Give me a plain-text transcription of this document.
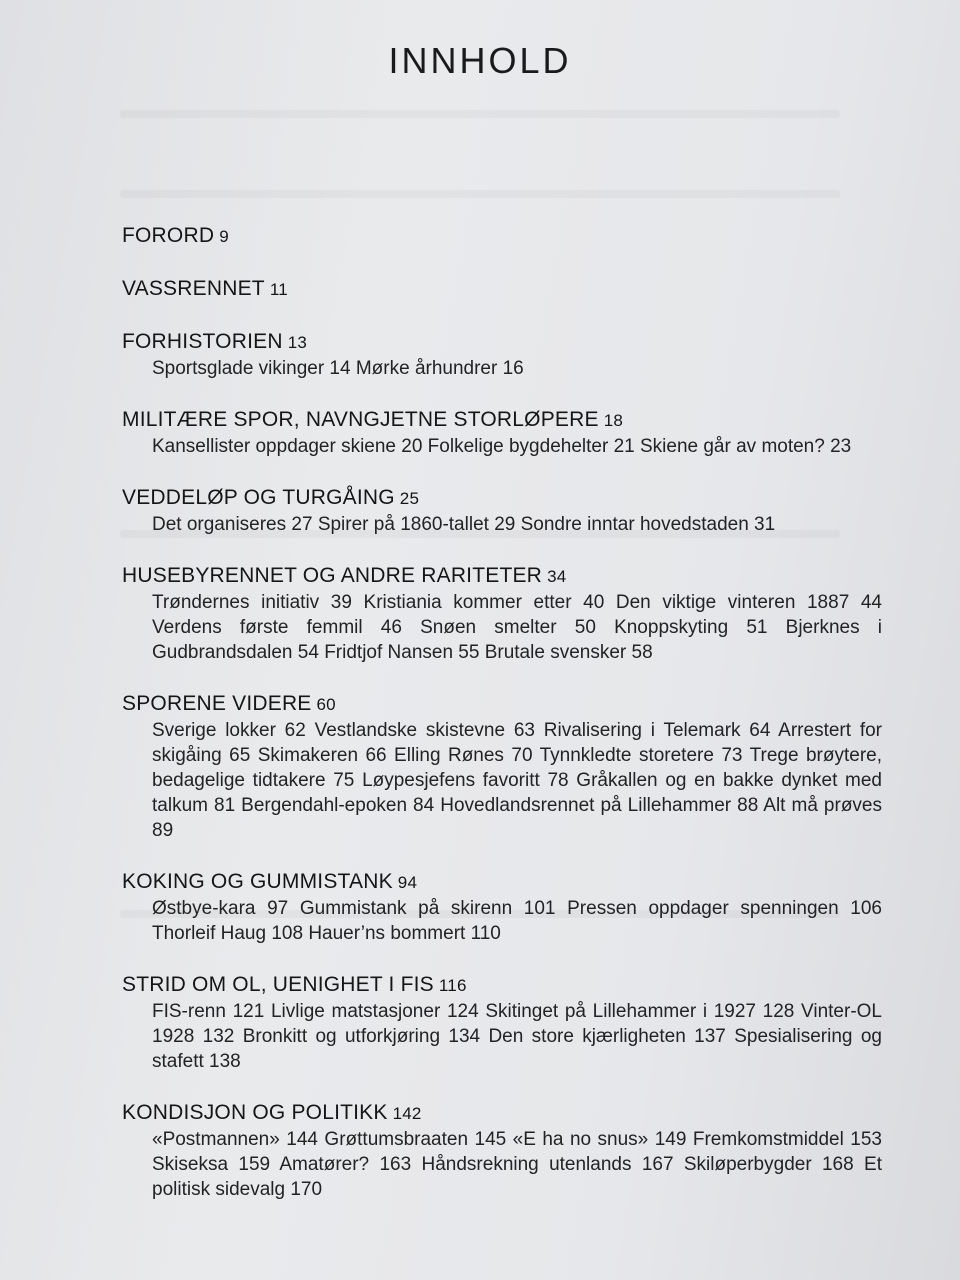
INNHOLD
FORORD 9
VASSRENNET 11
FORHISTORIEN 13
Sportsglade vikinger 14 Mørke århundrer 16
MILITÆRE SPOR, NAVNGJETNE STORLØPERE 18
Kansellister oppdager skiene 20 Folkelige bygdehelter 21 Skiene går av moten? 23
VEDDELØP OG TURGÅING 25
Det organiseres 27 Spirer på 1860-tallet 29 Sondre inntar hovedstaden 31
HUSEBYRENNET OG ANDRE RARITETER 34
Trøndernes initiativ 39 Kristiania kommer etter 40 Den viktige vinteren 1887 44 Verdens første femmil 46 Snøen smelter 50 Knoppskyting 51 Bjerknes i Gudbrandsdalen 54 Fridtjof Nansen 55 Brutale svensker 58
SPORENE VIDERE 60
Sverige lokker 62 Vestlandske skistevne 63 Rivalisering i Telemark 64 Arrestert for skigåing 65 Skimakeren 66 Elling Rønes 70 Tynnkledte storetere 73 Trege brøytere, bedagelige tidtakere 75 Løypesjefens favoritt 78 Gråkallen og en bakke dynket med talkum 81 Bergendahl-epoken 84 Hovedlandsrennet på Lillehammer 88 Alt må prøves 89
KOKING OG GUMMISTANK 94
Østbye-kara 97 Gummistank på skirenn 101 Pressen oppdager spenningen 106 Thorleif Haug 108 Hauer’ns bommert 110
STRID OM OL, UENIGHET I FIS 116
FIS-renn 121 Livlige matstasjoner 124 Skitinget på Lillehammer i 1927 128 Vinter-OL 1928 132 Bronkitt og utforkjøring 134 Den store kjærligheten 137 Spesialisering og stafett 138
KONDISJON OG POLITIKK 142
«Postmannen» 144 Grøttumsbraaten 145 «E ha no snus» 149 Fremkomstmiddel 153 Skiseksa 159 Amatører? 163 Håndsrekning utenlands 167 Skiløperbygder 168 Et politisk sidevalg 170
